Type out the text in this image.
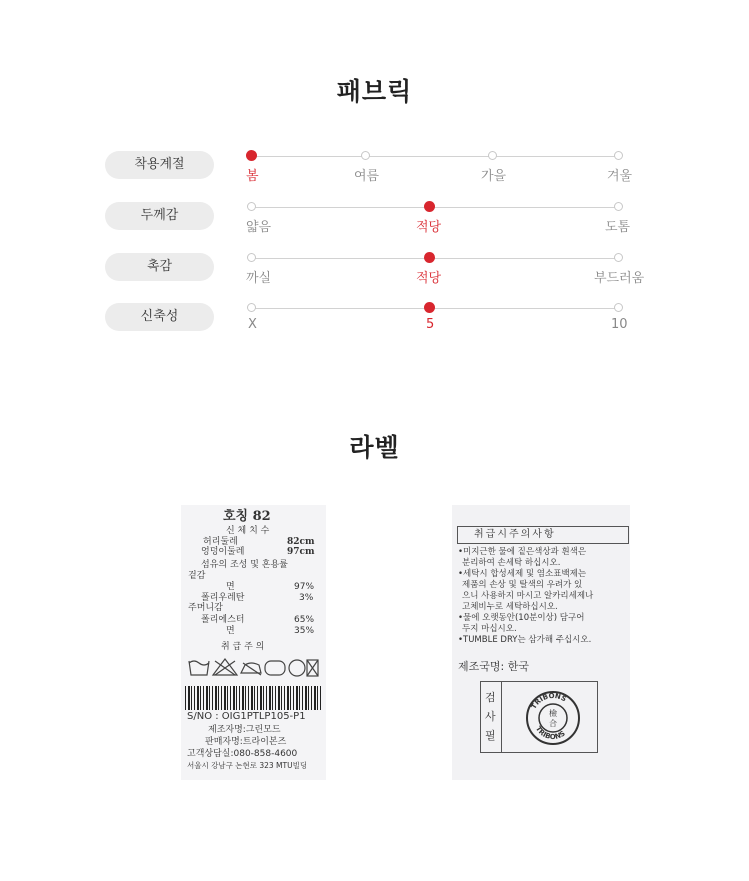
패브릭
착용계절
봄	여름	가을	겨울
두께감
얇음	적당	도톰
촉감
까실	적당	부드러움
신축성
X	5	10
라벨
호칭 82
신 체 치 수
허리둘레	82cm
엉덩이둘레	97cm
섬유의 조성 및 혼용률
겉감
면	97%
폴리우레탄	3%
주머니감
폴리에스터	65%
면	35%
취 급 주 의
S/NO : OIG1PTLP105-P1
제조자명:그린모드
판매자명:트라이본즈
고객상담실:080-858-4600
서울시 강남구 논현로 323 MTU빌딩
취급시주의사항
•미지근한 물에 짙은색상과 흰색은
분리하여 손세탁 하십시오.
•세탁시 합성세제 및 염소표백제는
제품의 손상 및 탈색의 우려가 있
으니 사용하지 마시고 알카리세제나
고체비누로 세탁하십시오.
•물에 오랫동안(10분이상) 담구어
두지 마십시오.
•TUMBLE DRY는 삼가해 주십시오.
제조국명: 한국
검
사
필
TRIBONS
TRIBONS
檢
合
